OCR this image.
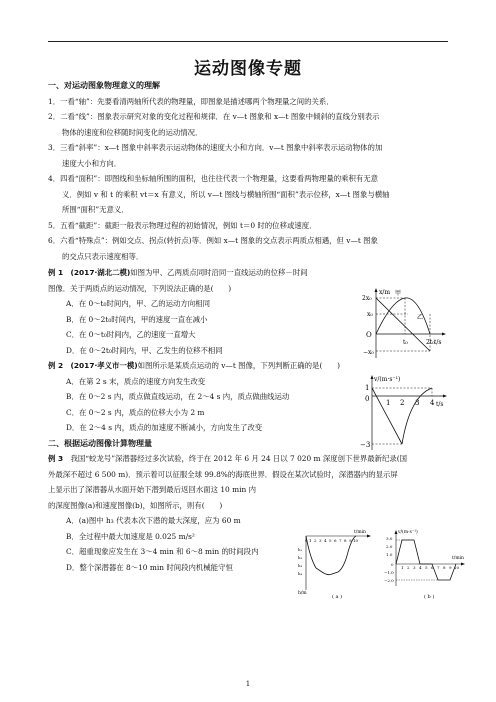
运动图像专题
一、对运动图象物理意义的理解
1．一看“轴”：先要看清两轴所代表的物理量，即图象是描述哪两个物理量之间的关系．
2．二看“线”：图象表示研究对象的变化过程和规律．在 v—t 图象和 x—t 图象中倾斜的直线分别表示
物体的速度和位移随时间变化的运动情况．
3．三看“斜率”：x—t 图象中斜率表示运动物体的速度大小和方向．v—t 图象中斜率表示运动物体的加
速度大小和方向．
4．四看“面积”：即图线和坐标轴所围的面积，也往往代表一个物理量，这要看两物理量的乘积有无意
义．例如 v 和 t 的乘积 vt＝x 有意义，所以 v—t 图线与横轴所围“面积”表示位移，x—t 图象与横轴
所围“面积”无意义．
5．五看“截距”：截距一般表示物理过程的初始情况，例如 t＝0 时的位移或速度．
6．六看“特殊点”：例如交点、拐点(转折点)等．例如 x—t 图象的交点表示两质点相遇，但 v—t 图象
的交点只表示速度相等．
例 1　 (2017·湖北二模)如图为甲、乙两质点同时沿同一直线运动的位移－时间
图像．关于两质点的运动情况，下列说法正确的是(　　)
A．在 0～t₀时间内，甲、乙的运动方向相同
B．在 0～2t₀时间内，甲的速度一直在减小
C．在 0～t₀时间内，乙的速度一直增大
D．在 0～2t₀时间内，甲、乙发生的位移不相同
x/m
t/s
2x₀
x₀
O
−x₀
t₀	2t₀
甲
乙
例 2　 (2017·孝义市一模)如图所示是某质点运动的 v—t 图像，下列判断正确的是(　　)
A．在第 2 s 末，质点的速度方向发生改变
B．在 0～2 s 内，质点做直线运动，在 2～4 s 内，质点做曲线运动
C．在 0～2 s 内，质点的位移大小为 2 m
D．在 2～4 s 内，质点的加速度不断减小，方向发生了改变
v/(m·s⁻¹)
t/s
1
0
−3
1 2 3 4
二、根据运动图像计算物理量
例 3　 我国“蛟龙号”深潜器经过多次试验，终于在 2012 年 6 月 24 日以 7 020 m 深度创下世界最新纪录(国
外最深不超过 6 500 m)．预示着可以征服全球 99.8%的海底世界．假设在某次试验时，深潜器内的显示屏
上显示出了深潜器从水面开始下潜到最后返回水面这 10 min 内
的深度图像(a)和速度图像(b)，如图所示，则有(　　)
A．(a)图中 h₃ 代表本次下潜的最大深度，应为 60 m
B．全过程中最大加速度是 0.025 m/s²
C．超重现象应发生在 3～4 min 和 6～8 min 的时间段内
D．整个深潜器在 8～10 min 时间段内机械能守恒
t/min
h/m
0 1 2 3 4 5 6 7 8 9 10
h₁
h₂
h₃
h₄
( a )
v/(m·s⁻¹)
t/min
3.0
2.0
1.0
0
−1.0
−2.0
1 2 3 4 5 6 7 8 9 10
( b )
1
